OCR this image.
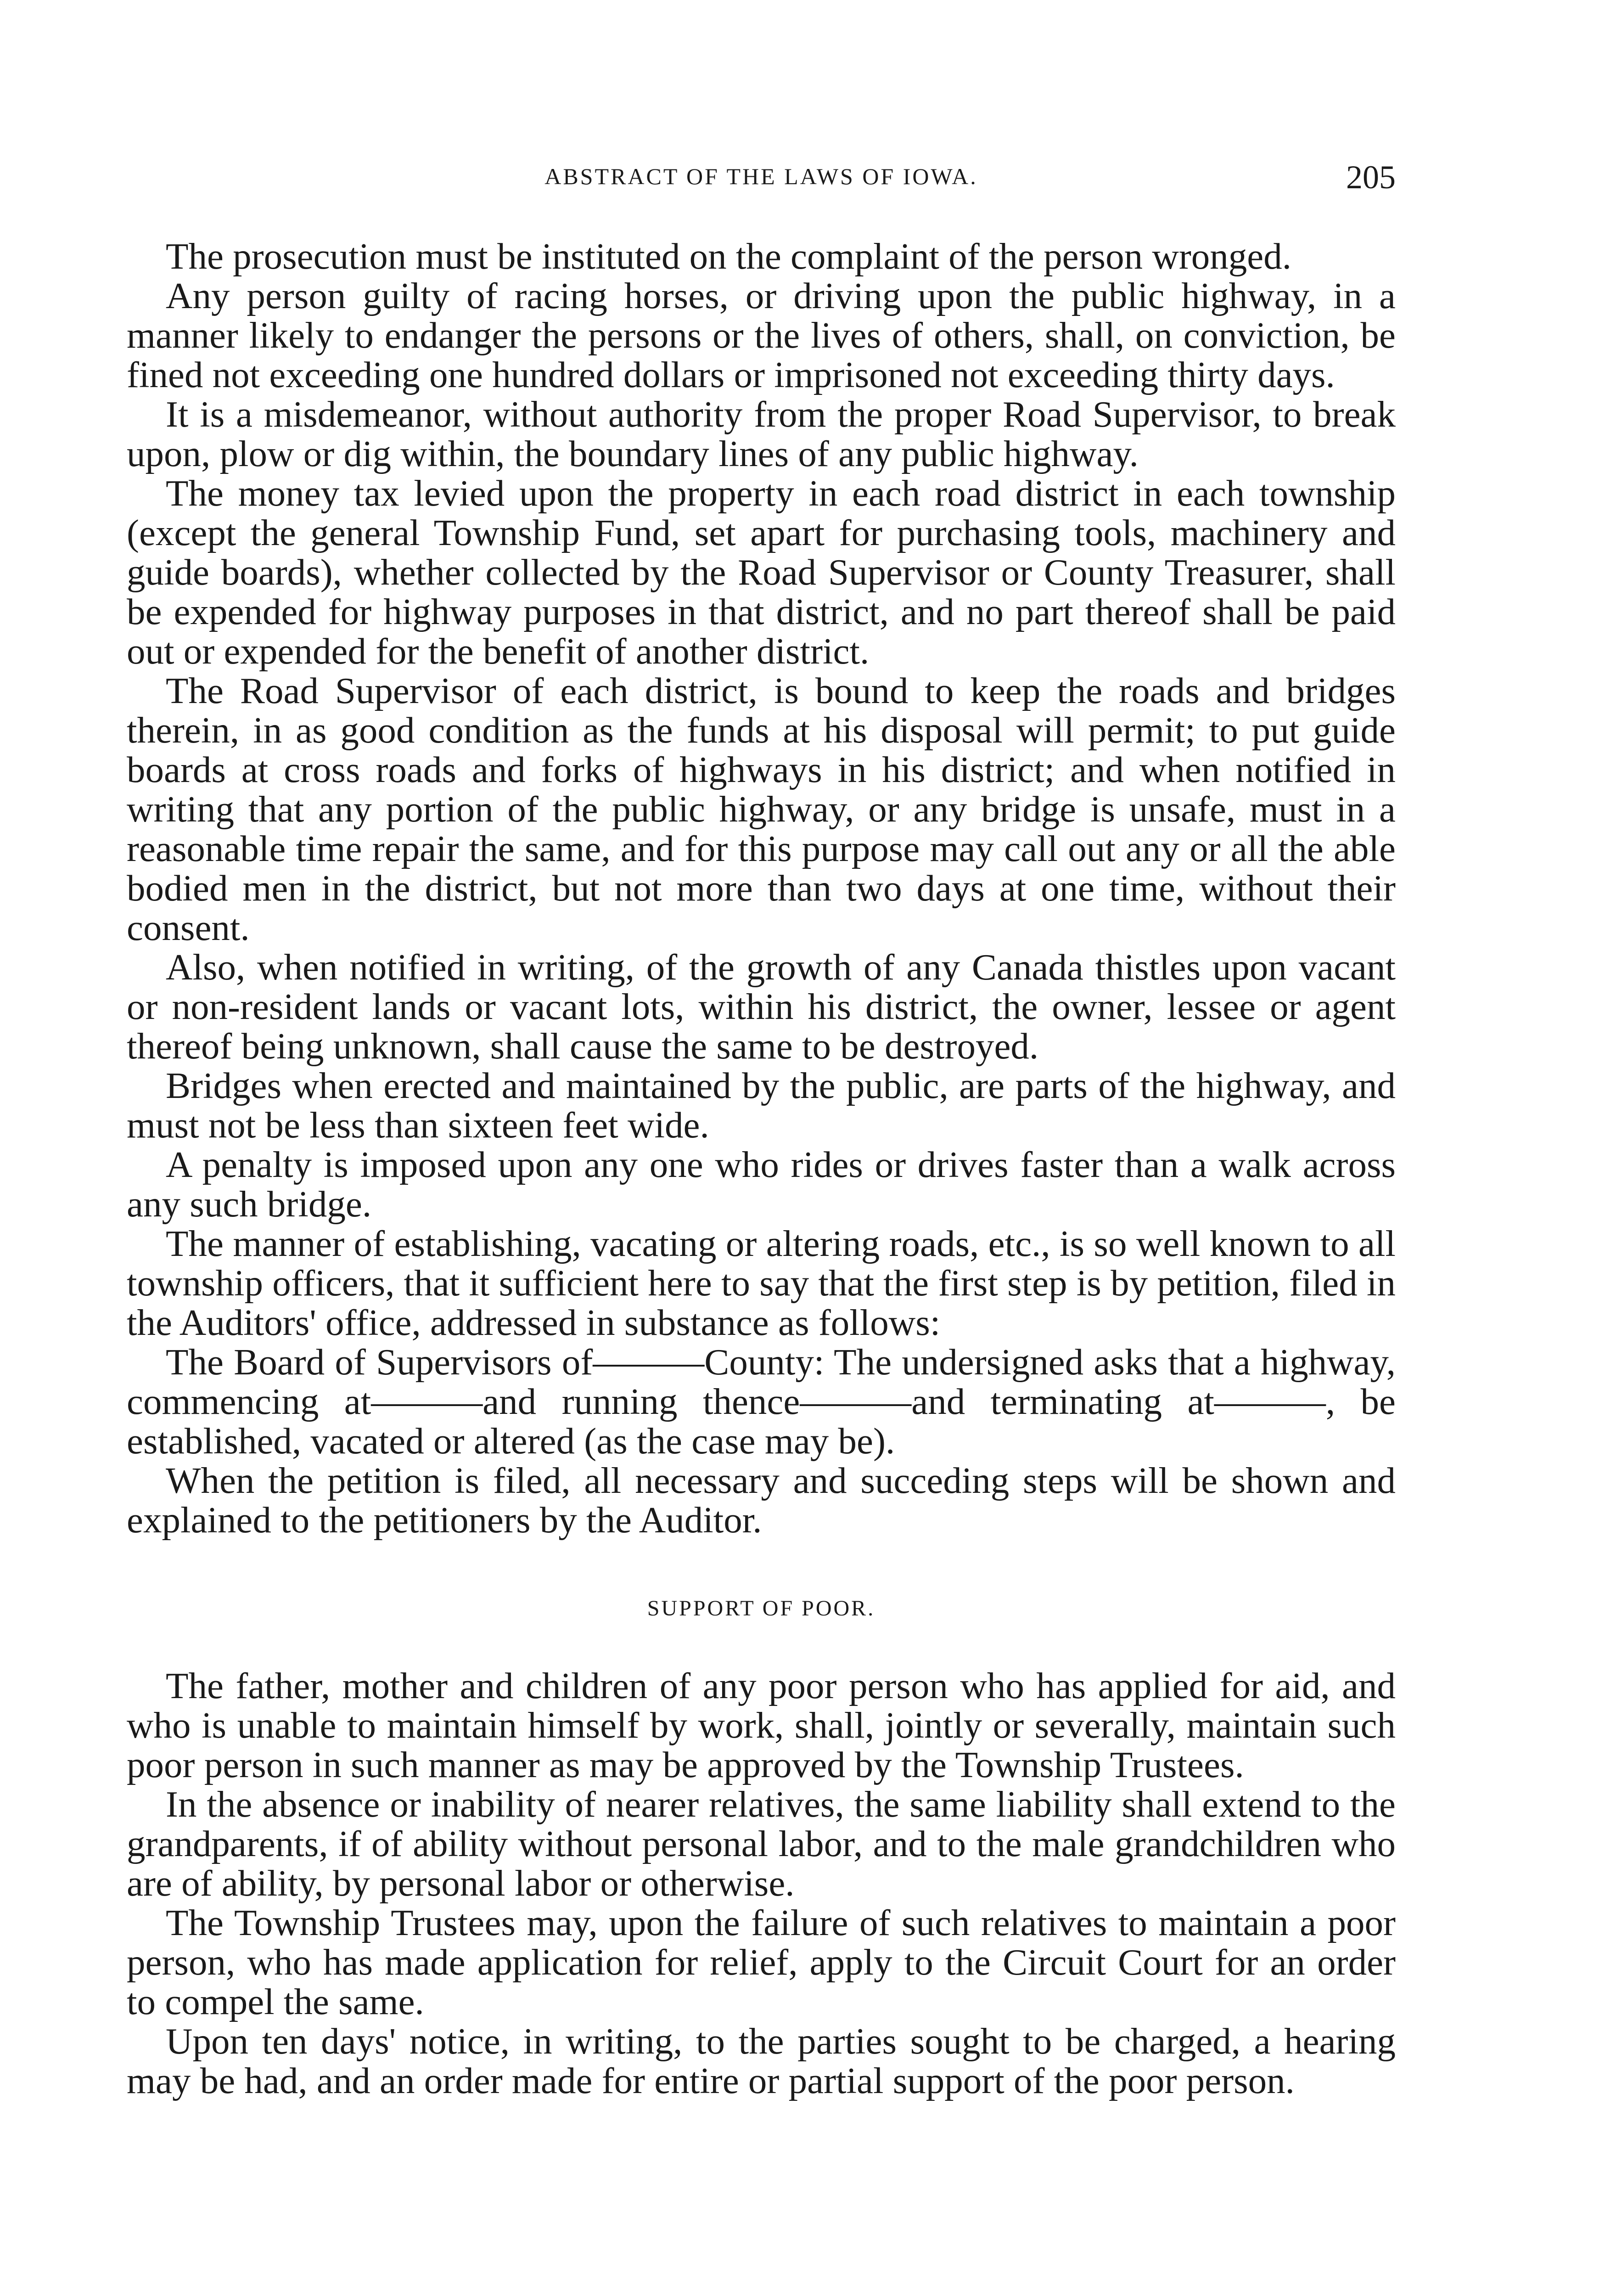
ABSTRACT OF THE LAWS OF IOWA.	205

The prosecution must be instituted on the complaint of the person wronged.

Any person guilty of racing horses, or driving upon the public highway, in a manner likely to endanger the persons or the lives of others, shall, on conviction, be fined not exceeding one hundred dollars or imprisoned not exceeding thirty days.

It is a misdemeanor, without authority from the proper Road Supervisor, to break upon, plow or dig within, the boundary lines of any public highway.

The money tax levied upon the property in each road district in each township (except the general Township Fund, set apart for purchasing tools, machinery and guide boards), whether collected by the Road Supervisor or County Treasurer, shall be expended for highway purposes in that district, and no part thereof shall be paid out or expended for the benefit of another district.

The Road Supervisor of each district, is bound to keep the roads and bridges therein, in as good condition as the funds at his disposal will permit; to put guide boards at cross roads and forks of highways in his district; and when notified in writing that any portion of the public highway, or any bridge is unsafe, must in a reasonable time repair the same, and for this purpose may call out any or all the able bodied men in the district, but not more than two days at one time, without their consent.

Also, when notified in writing, of the growth of any Canada thistles upon vacant or non-resident lands or vacant lots, within his district, the owner, lessee or agent thereof being unknown, shall cause the same to be destroyed.

Bridges when erected and maintained by the public, are parts of the highway, and must not be less than sixteen feet wide.

A penalty is imposed upon any one who rides or drives faster than a walk across any such bridge.

The manner of establishing, vacating or altering roads, etc., is so well known to all township officers, that it sufficient here to say that the first step is by petition, filed in the Auditors' office, addressed in substance as follows:

The Board of Supervisors of———County: The undersigned asks that a highway, commencing at———and running thence———and terminating at———, be established, vacated or altered (as the case may be).

When the petition is filed, all necessary and succeding steps will be shown and explained to the petitioners by the Auditor.

SUPPORT OF POOR.

The father, mother and children of any poor person who has applied for aid, and who is unable to maintain himself by work, shall, jointly or severally, maintain such poor person in such manner as may be approved by the Township Trustees.

In the absence or inability of nearer relatives, the same liability shall extend to the grandparents, if of ability without personal labor, and to the male grandchildren who are of ability, by personal labor or otherwise.

The Township Trustees may, upon the failure of such relatives to maintain a poor person, who has made application for relief, apply to the Circuit Court for an order to compel the same.

Upon ten days' notice, in writing, to the parties sought to be charged, a hearing may be had, and an order made for entire or partial support of the poor person.
